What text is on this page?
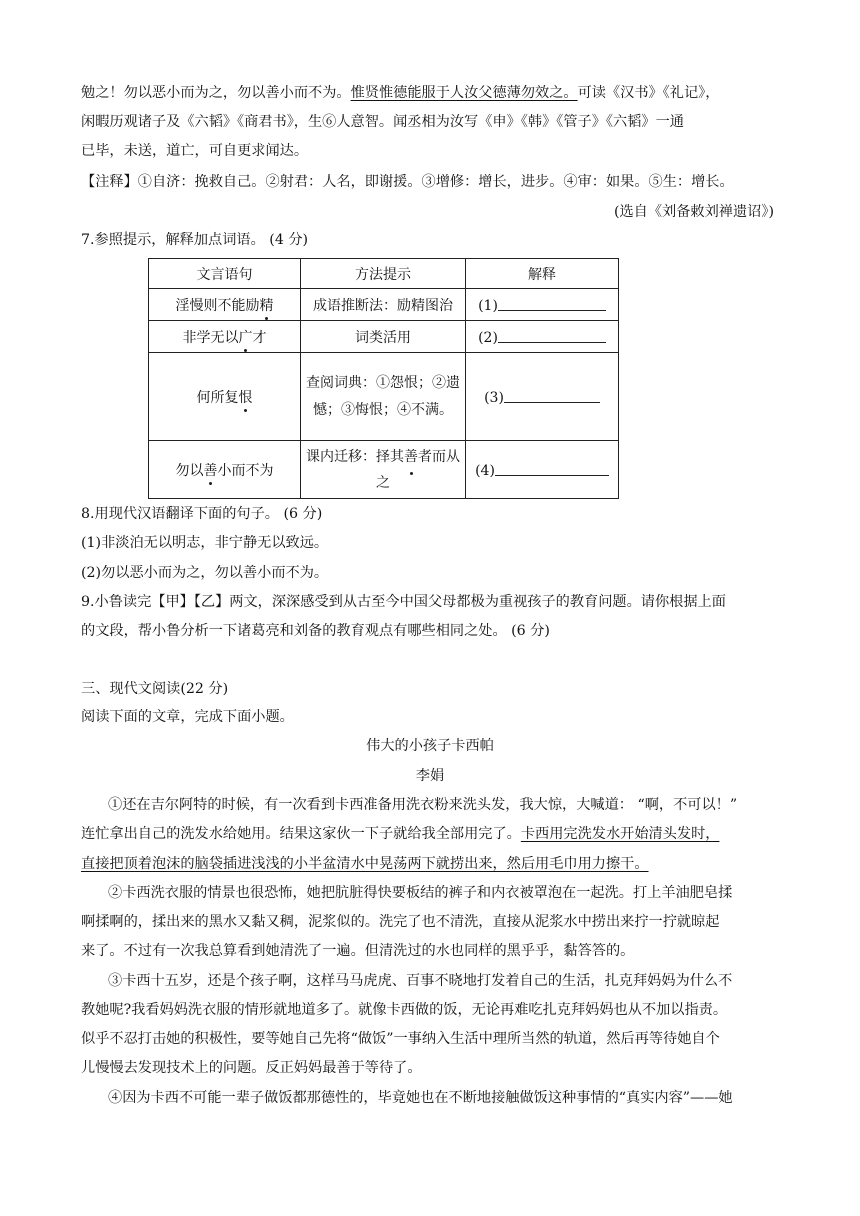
勉之！勿以恶小而为之，勿以善小而不为。惟贤惟德能服于人汝父德薄勿效之。可读《汉书》《礼记》，
闲暇历观诸子及《六韬》《商君书》，生⑥人意智。闻丞相为汝写《申》《韩》《管子》《六韬》一通
已毕，未送，道亡，可自更求闻达。
【注释】①自济：挽救自己。②射君：人名，即谢援。③增修：增长，进步。④审：如果。⑤生：增长。
(选自《刘备敕刘禅遗诏》)
7.参照提示，解释加点词语。 (4 分)
文言语句	方法提示	解释
淫慢则不能励精	成语推断法：励精图治	(1)
非学无以广才	词类活用	(2)
何所复恨	查阅词典：①怨恨；②遗憾；③悔恨；④不满。	(3)
勿以善小而不为	课内迁移：择其善者而从之	(4)
8.用现代汉语翻译下面的句子。 (6 分)
(1)非淡泊无以明志，非宁静无以致远。
(2)勿以恶小而为之，勿以善小而不为。
9.小鲁读完【甲】【乙】两文，深深感受到从古至今中国父母都极为重视孩子的教育问题。请你根据上面
的文段，帮小鲁分析一下诸葛亮和刘备的教育观点有哪些相同之处。 (6 分)
三、现代文阅读(22 分)
阅读下面的文章，完成下面小题。
伟大的小孩子卡西帕
李娟
①还在吉尔阿特的时候，有一次看到卡西准备用洗衣粉来洗头发，我大惊，大喊道： “啊，不可以！”
连忙拿出自己的洗发水给她用。结果这家伙一下子就给我全部用完了。卡西用完洗发水开始清头发时，
直接把顶着泡沫的脑袋插进浅浅的小半盆清水中晃荡两下就捞出来，然后用毛巾用力擦干。
②卡西洗衣服的情景也很恐怖，她把肮脏得快要板结的裤子和内衣被罩泡在一起洗。打上羊油肥皂揉
啊揉啊的，揉出来的黑水又黏又稠，泥浆似的。洗完了也不清洗，直接从泥浆水中捞出来拧一拧就晾起
来了。不过有一次我总算看到她清洗了一遍。但清洗过的水也同样的黑乎乎，黏答答的。
③卡西十五岁，还是个孩子啊，这样马马虎虎、百事不晓地打发着自己的生活，扎克拜妈妈为什么不
教她呢?我看妈妈洗衣服的情形就地道多了。就像卡西做的饭，无论再难吃扎克拜妈妈也从不加以指责。
似乎不忍打击她的积极性，要等她自己先将“做饭”一事纳入生活中理所当然的轨道，然后再等待她自个
儿慢慢去发现技术上的问题。反正妈妈最善于等待了。
④因为卡西不可能一辈子做饭都那德性的，毕竟她也在不断地接触做饭这种事情的“真实内容”——她
